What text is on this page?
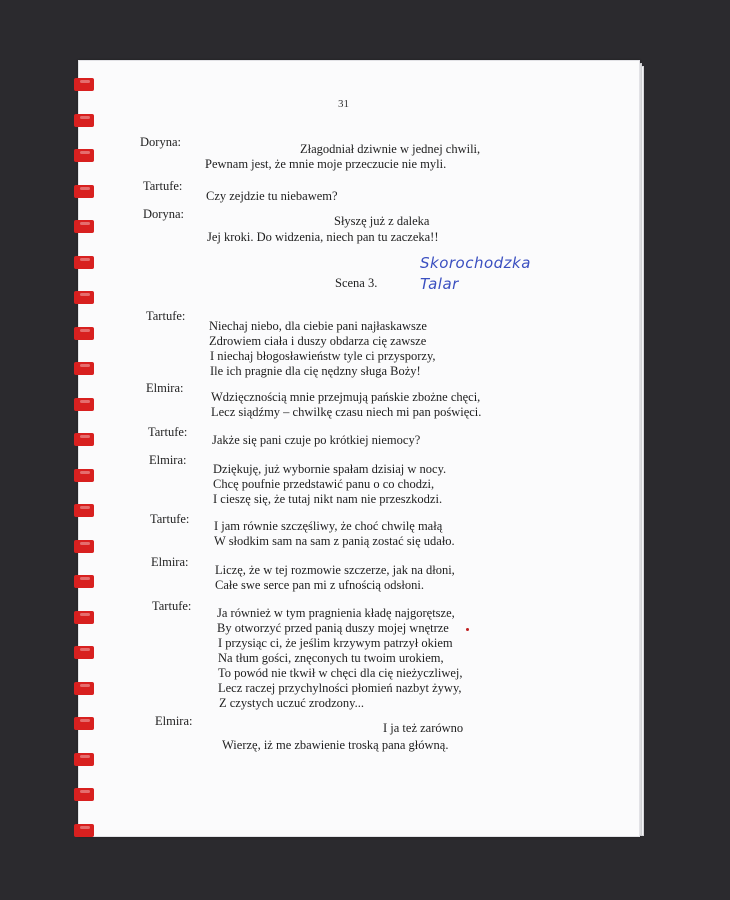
31
Doryna:	Złagodniał dziwnie w jednej chwili,
Pewnam jest, że mnie moje przeczucie nie myli.
Tartufe:
Czy zejdzie tu niebawem?
Doryna:	Słyszę już z daleka
Jej kroki. Do widzenia, niech pan tu zaczeka!!
Skorochodzka
Talar
Scena 3.
Tartufe:
Niechaj niebo, dla ciebie pani najłaskawsze
Zdrowiem ciała i duszy obdarza cię zawsze
I niechaj błogosławieństw tyle ci przysporzy,
Ile ich pragnie dla cię nędzny sługa Boży!
Elmira:
Wdzięcznością mnie przejmują pańskie zbożne chęci,
Lecz siądźmy – chwilkę czasu niech mi pan poświęci.
Tartufe:
Jakże się pani czuje po krótkiej niemocy?
Elmira:
Dziękuję, już wybornie spałam dzisiaj w nocy.
Chcę poufnie przedstawić panu o co chodzi,
I cieszę się, że tutaj nikt nam nie przeszkodzi.
Tartufe: I jam równie szczęśliwy, że choć chwilę małą
W słodkim sam na sam z panią zostać się udało.
Elmira:
Liczę, że w tej rozmowie szczerze, jak na dłoni,
Całe swe serce pan mi z ufnością odsłoni.
Tartufe: Ja również w tym pragnienia kładę najgorętsze,
By otworzyć przed panią duszy mojej wnętrze
I przysiąc ci, że jeślim krzywym patrzył okiem
Na tłum gości, znęconych tu twoim urokiem,
To powód nie tkwił w chęci dla cię nieżyczliwej,
Lecz raczej przychylności płomień nazbyt żywy,
Z czystych uczuć zrodzony...
Elmira:	I ja też zarówno
Wierzę, iż me zbawienie troską pana główną.
